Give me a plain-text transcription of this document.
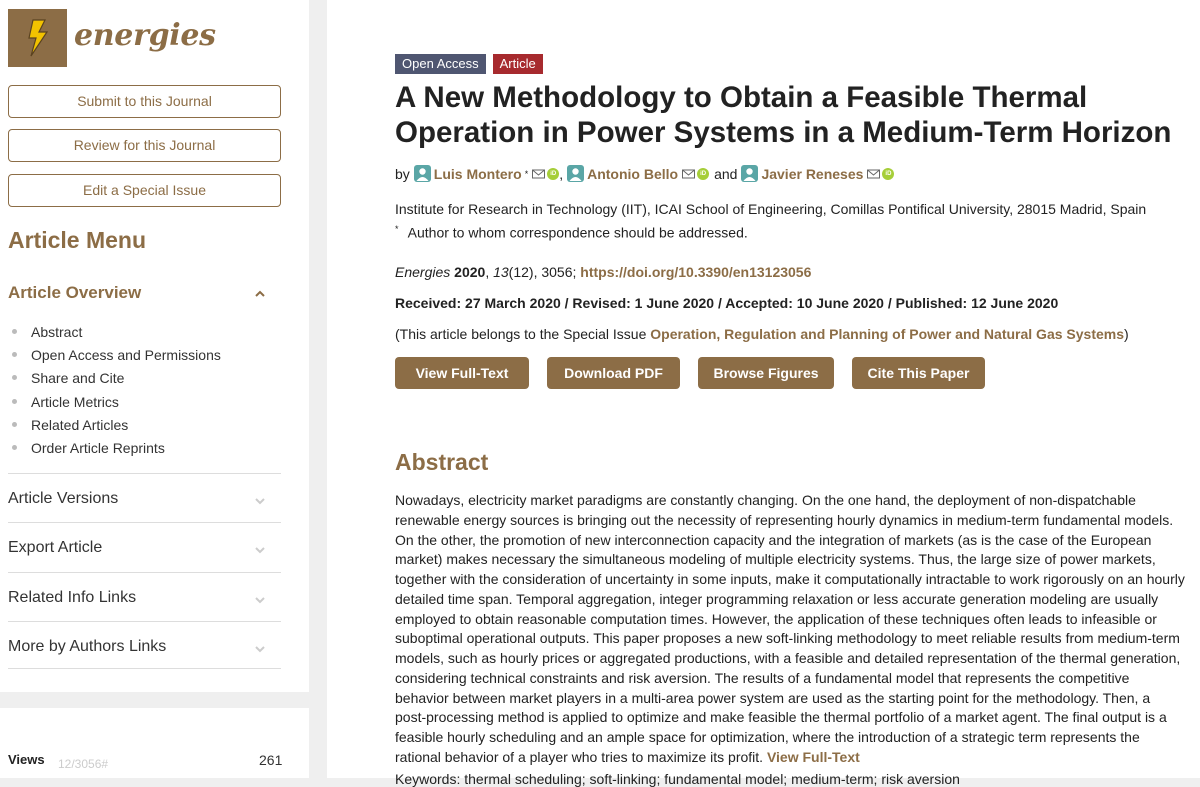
energies
Submit to this Journal
Review for this Journal
Edit a Special Issue
Article Menu
Article Overview
Abstract
Open Access and Permissions
Share and Cite
Article Metrics
Related Articles
Order Article Reprints
Article Versions
Export Article
Related Info Links
More by Authors Links
12/3056#
Views	261
Open Access	Article
A New Methodology to Obtain a Feasible Thermal Operation in Power Systems in a Medium-Term Horizon
by Luis Montero *	iD , Antonio Bello	iD and Javier Reneses	iD
Institute for Research in Technology (IIT), ICAI School of Engineering, Comillas Pontifical University, 28015 Madrid, Spain
* Author to whom correspondence should be addressed.
Energies 2020, 13(12), 3056; https://doi.org/10.3390/en13123056
Received: 27 March 2020 / Revised: 1 June 2020 / Accepted: 10 June 2020 / Published: 12 June 2020
(This article belongs to the Special Issue Operation, Regulation and Planning of Power and Natural Gas Systems)
View Full-Text	Download PDF	Browse Figures	Cite This Paper
Abstract
Nowadays, electricity market paradigms are constantly changing. On the one hand, the deployment of non-dispatchable renewable energy sources is bringing out the necessity of representing hourly dynamics in medium-term fundamental models. On the other, the promotion of new interconnection capacity and the integration of markets (as is the case of the European market) makes necessary the simultaneous modeling of multiple electricity systems. Thus, the large size of power markets, together with the consideration of uncertainty in some inputs, make it computationally intractable to work rigorously on an hourly detailed time span. Temporal aggregation, integer programming relaxation or less accurate generation modeling are usually employed to obtain reasonable computation times. However, the application of these techniques often leads to infeasible or suboptimal operational outputs. This paper proposes a new soft-linking methodology to meet reliable results from medium-term models, such as hourly prices or aggregated productions, with a feasible and detailed representation of the thermal generation, considering technical constraints and risk aversion. The results of a fundamental model that represents the competitive behavior between market players in a multi-area power system are used as the starting point for the methodology. Then, a post-processing method is applied to optimize and make feasible the thermal portfolio of a market agent. The final output is a feasible hourly scheduling and an ample space for optimization, where the introduction of a strategic term represents the rational behavior of a player who tries to maximize its profit. View Full-Text
Keywords: thermal scheduling; soft-linking; fundamental model; medium-term; risk aversion
